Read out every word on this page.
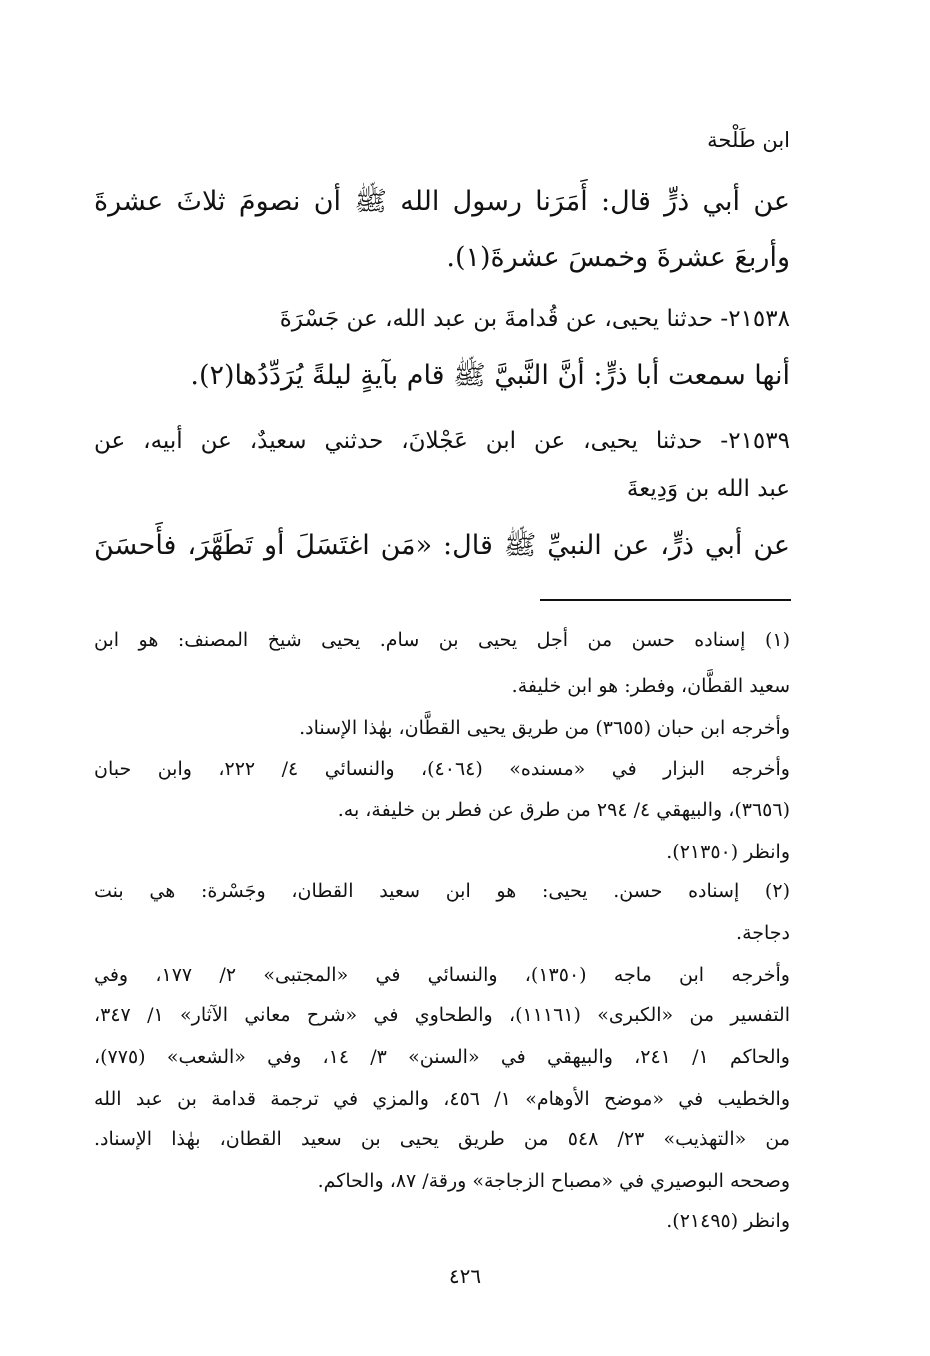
ابن طَلْحة
عن أبي ذرٍّ قال: أَمَرَنا رسول الله ﷺ أن نصومَ ثلاثَ عشرةَ
وأربعَ عشرةَ وخمسَ عشرةَ(١).
٢١٥٣٨- حدثنا يحيى، عن قُدامةَ بن عبد الله، عن جَسْرَةَ
أنها سمعت أبا ذرٍّ: أنَّ النَّبيَّ ﷺ قام بآيةٍ ليلةً يُرَدِّدُها(٢).
٢١٥٣٩- حدثنا يحيى، عن ابن عَجْلانَ، حدثني سعيدٌ، عن أبيه، عن
عبد الله بن وَدِيعةَ
عن أبي ذرٍّ، عن النبيِّ ﷺ قال: «مَن اغتَسَلَ أو تَطَهَّرَ، فأَحسَنَ
(١) إسناده حسن من أجل يحيى بن سام. يحيى شيخ المصنف: هو ابن
سعيد القطَّان، وفطر: هو ابن خليفة.
وأخرجه ابن حبان (٣٦٥٥) من طريق يحيى القطَّان، بهٰذا الإسناد.
وأخرجه البزار في «مسنده» (٤٠٦٤)، والنسائي ٤/ ٢٢٢، وابن حبان
(٣٦٥٦)، والبيهقي ٤/ ٢٩٤ من طرق عن فطر بن خليفة، به.
وانظر (٢١٣٥٠).
(٢) إسناده حسن. يحيى: هو ابن سعيد القطان، وجَسْرة: هي بنت
دجاجة.
وأخرجه ابن ماجه (١٣٥٠)، والنسائي في «المجتبى» ٢/ ١٧٧، وفي
التفسير من «الكبرى» (١١١٦١)، والطحاوي في «شرح معاني الآثار» ١/ ٣٤٧،
والحاكم ١/ ٢٤١، والبيهقي في «السنن» ٣/ ١٤، وفي «الشعب» (٧٧٥)،
والخطيب في «موضح الأوهام» ١/ ٤٥٦، والمزي في ترجمة قدامة بن عبد الله
من «التهذيب» ٢٣/ ٥٤٨ من طريق يحيى بن سعيد القطان، بهٰذا الإسناد.
وصححه البوصيري في «مصباح الزجاجة» ورقة/ ٨٧، والحاكم.
وانظر (٢١٤٩٥).
٤٢٦
